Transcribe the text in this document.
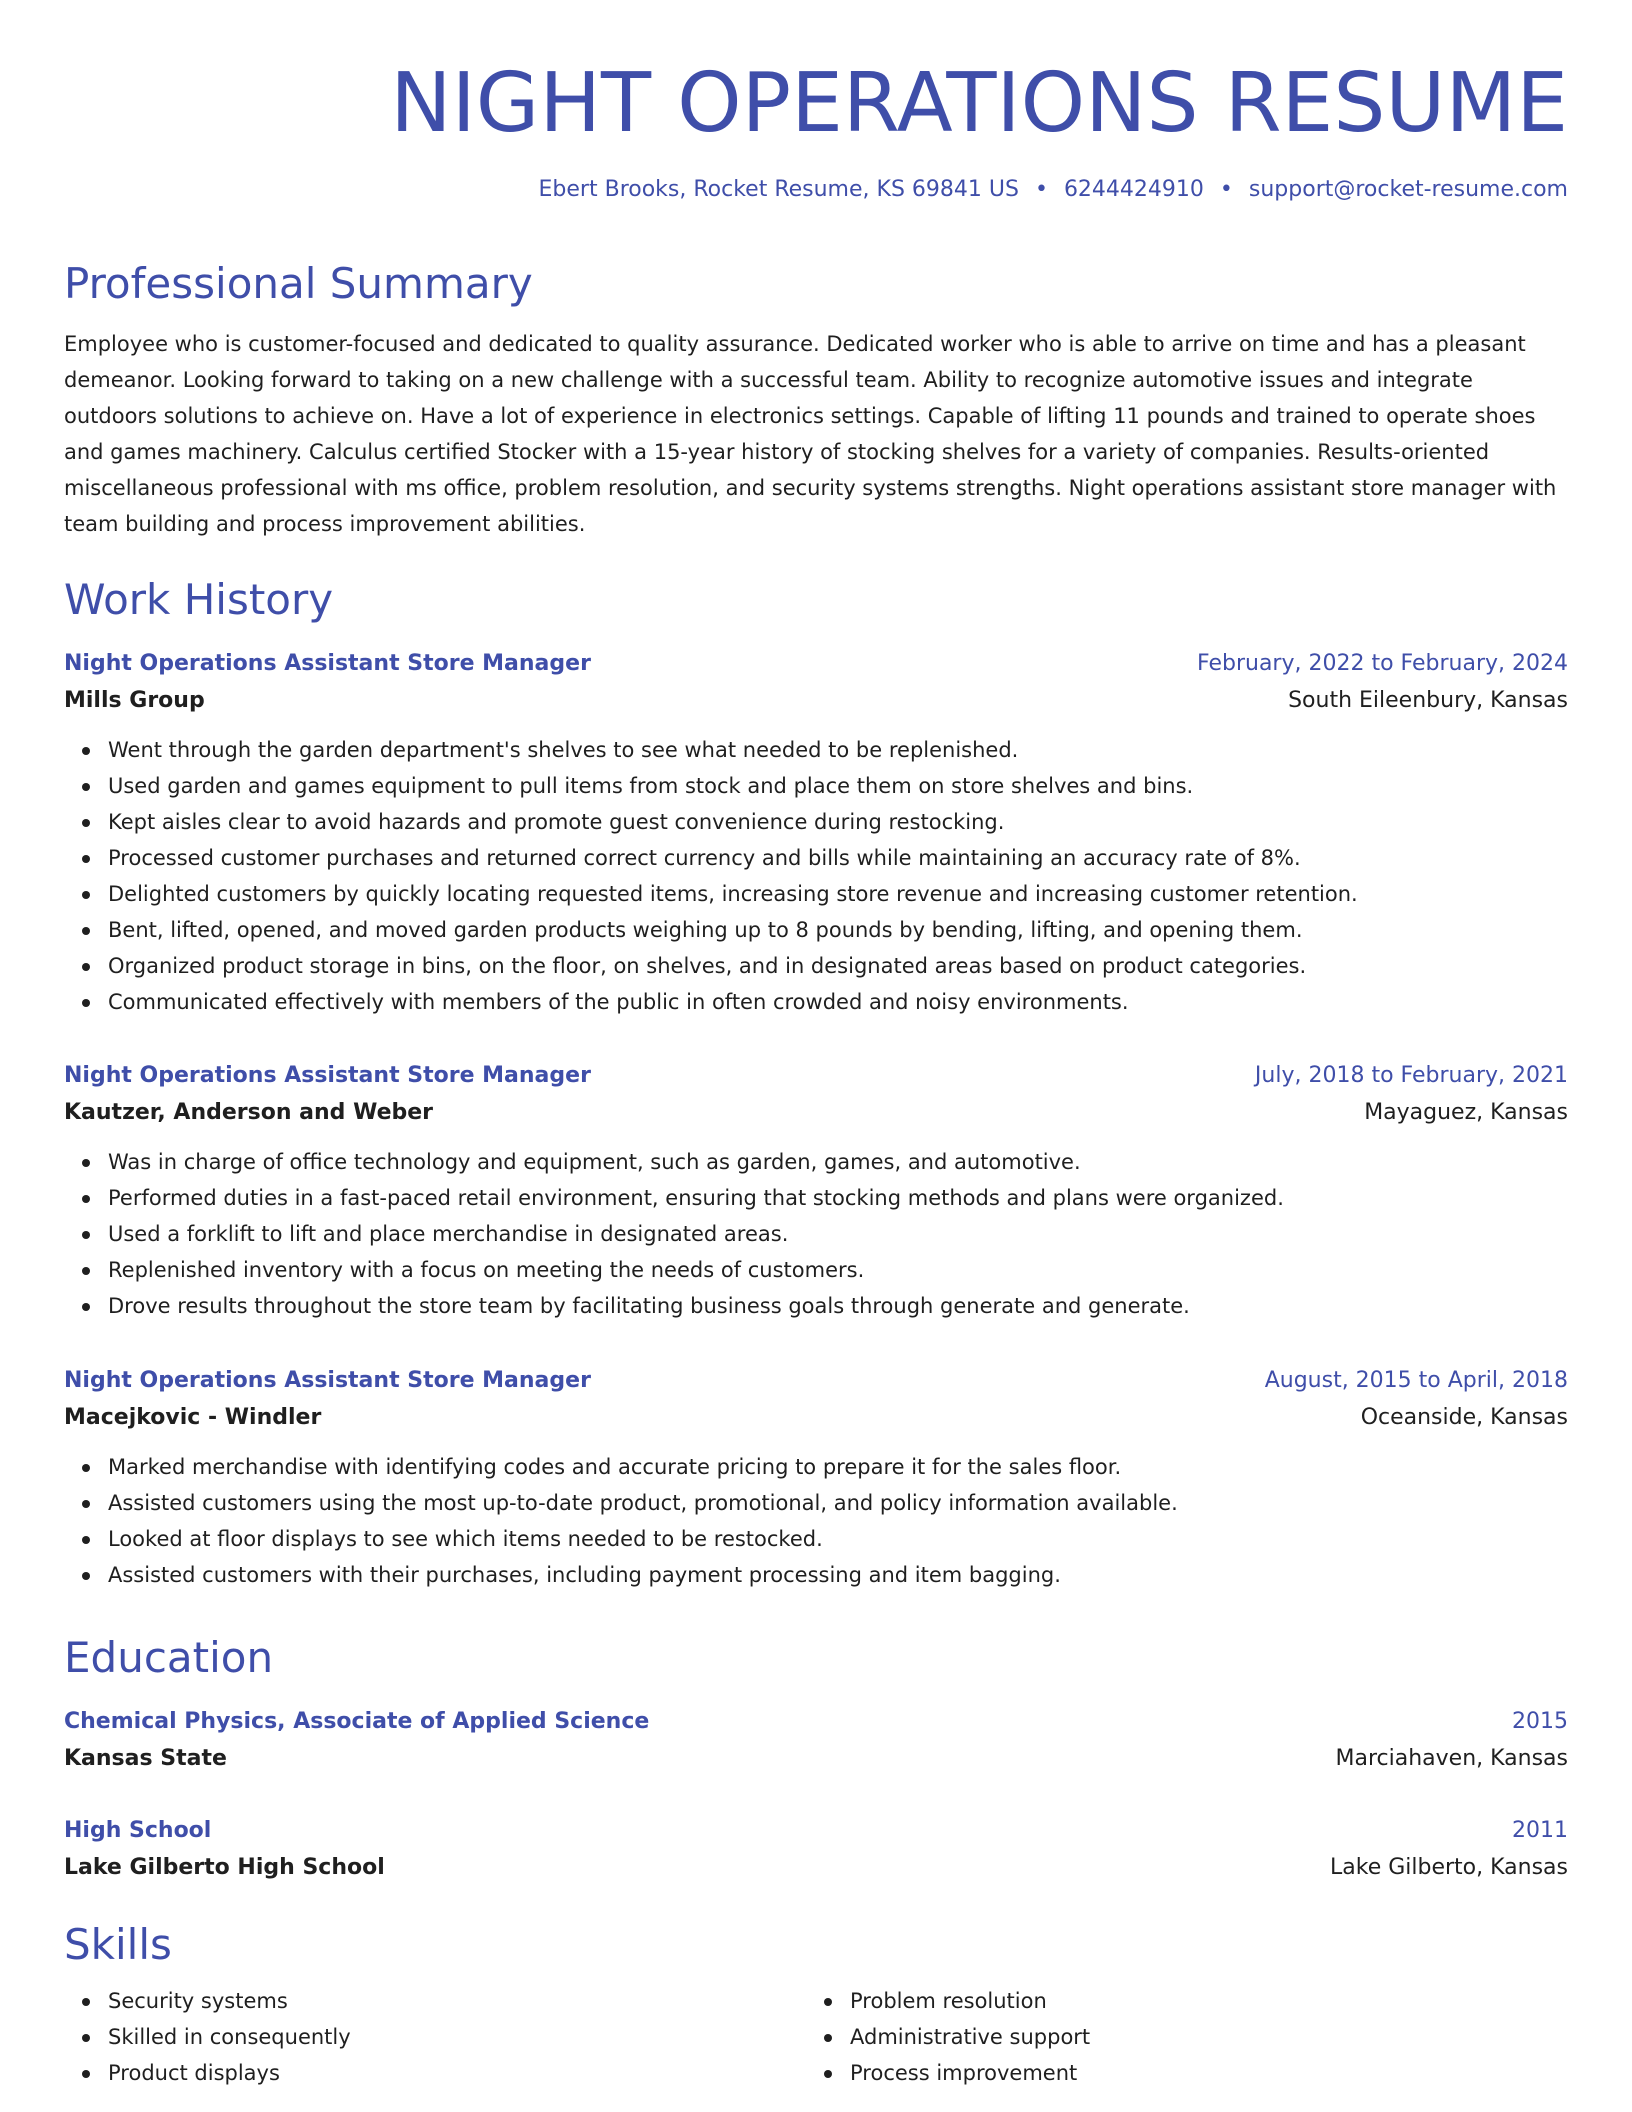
NIGHT OPERATIONS RESUME
Ebert Brooks, Rocket Resume, KS 69841 US • 6244424910 • support@rocket-resume.com
Professional Summary
Employee who is customer-focused and dedicated to quality assurance. Dedicated worker who is able to arrive on time and has a pleasant demeanor. Looking forward to taking on a new challenge with a successful team. Ability to recognize automotive issues and integrate outdoors solutions to achieve on. Have a lot of experience in electronics settings. Capable of lifting 11 pounds and trained to operate shoes and games machinery. Calculus certified Stocker with a 15-year history of stocking shelves for a variety of companies. Results-oriented miscellaneous professional with ms office, problem resolution, and security systems strengths. Night operations assistant store manager with team building and process improvement abilities.
Work History
Night Operations Assistant Store Manager	February, 2022 to February, 2024
Mills Group	South Eileenbury, Kansas
Went through the garden department's shelves to see what needed to be replenished.
Used garden and games equipment to pull items from stock and place them on store shelves and bins.
Kept aisles clear to avoid hazards and promote guest convenience during restocking.
Processed customer purchases and returned correct currency and bills while maintaining an accuracy rate of 8%.
Delighted customers by quickly locating requested items, increasing store revenue and increasing customer retention.
Bent, lifted, opened, and moved garden products weighing up to 8 pounds by bending, lifting, and opening them.
Organized product storage in bins, on the floor, on shelves, and in designated areas based on product categories.
Communicated effectively with members of the public in often crowded and noisy environments.
Night Operations Assistant Store Manager	July, 2018 to February, 2021
Kautzer, Anderson and Weber	Mayaguez, Kansas
Was in charge of office technology and equipment, such as garden, games, and automotive.
Performed duties in a fast-paced retail environment, ensuring that stocking methods and plans were organized.
Used a forklift to lift and place merchandise in designated areas.
Replenished inventory with a focus on meeting the needs of customers.
Drove results throughout the store team by facilitating business goals through generate and generate.
Night Operations Assistant Store Manager	August, 2015 to April, 2018
Macejkovic - Windler	Oceanside, Kansas
Marked merchandise with identifying codes and accurate pricing to prepare it for the sales floor.
Assisted customers using the most up-to-date product, promotional, and policy information available.
Looked at floor displays to see which items needed to be restocked.
Assisted customers with their purchases, including payment processing and item bagging.
Education
Chemical Physics, Associate of Applied Science	2015
Kansas State	Marciahaven, Kansas
High School	2011
Lake Gilberto High School	Lake Gilberto, Kansas
Skills
Security systems
Skilled in consequently
Product displays
Problem resolution
Administrative support
Process improvement
